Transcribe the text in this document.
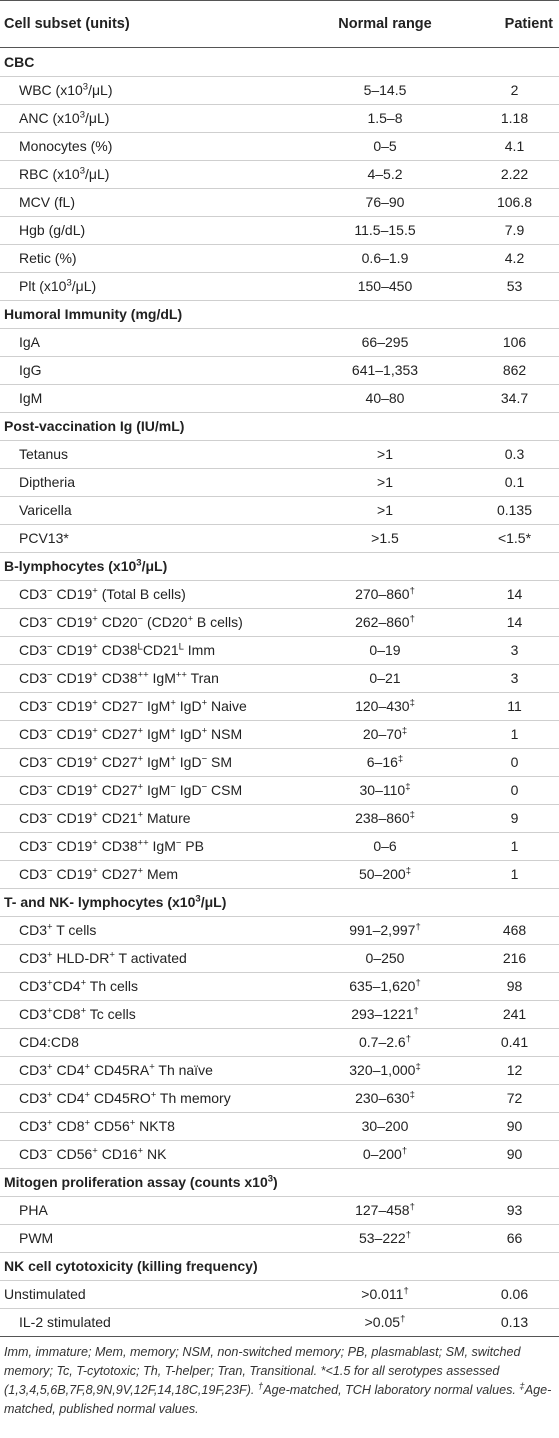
Cell subset (units)	Normal range	Patient
CBC
WBC $(x10^3/\mu L)$	5–14.5	2
ANC $(x10^3/\mu L)$	1.5–8	1.18
Monocytes (%)	0–5	4.1
RBC $(x10^3/\mu L)$	4–5.2	2.22
MCV (fL)	76–90	106.8
Hgb (g/dL)	11.5–15.5	7.9
Retic (%)	0.6–1.9	4.2
Plt $(x10^3/\mu L)$	150–450	53
Humoral Immunity (mg/dL)
IgA	66–295	106
IgG	641–1,353	862
IgM	40–80	34.7
Post-vaccination Ig (IU/mL)
Tetanus	>1	0.3
Diptheria	>1	0.1
Varicella	>1	0.135
PCV13*	>1.5	<1.5*
B-lymphocytes $(x10^3/\mu L)$
CD3− CD19+ (Total B cells)	270–860†	14
CD3− CD19+ CD20− (CD20+ B cells)	262–860†	14
CD3− CD19+ $CD38^LCD21^L$ Imm	0–19	3
CD3− CD19+ CD38++ IgM++ Tran	0–21	3
CD3− CD19+ CD27− IgM+ IgD+ Naive	120–430‡	11
CD3− CD19+ CD27+ IgM+ IgD+ NSM	20–70‡	1
CD3− CD19+ CD27+ IgM+ IgD− SM	6–16‡	0
CD3− CD19+ CD27+ IgM− IgD− CSM	30–110‡	0
CD3− CD19+ CD21+ Mature	238–860‡	9
CD3− CD19+ CD38++ IgM− PB	0–6	1
CD3− CD19+ CD27+ Mem	50–200‡	1
T- and NK- lymphocytes $(x10^3/\mu L)$
CD3+ T cells	991–2,997†	468
CD3+ HLD-DR+ T activated	0–250	216
CD3+CD4+ Th cells	635–1,620†	98
CD3+CD8+ Tc cells	293–1221†	241
CD4:CD8	0.7–2.6†	0.41
CD3+ CD4+ CD45RA+ Th naïve	320–1,000‡	12
CD3+ CD4+ CD45RO+ Th memory	230–630‡	72
CD3+ CD8+ CD56+ NKT8	30–200	90
CD3− CD56+ CD16+ NK	0–200†	90
Mitogen proliferation assay (counts $x10^3$)
PHA	127–458†	93
PWM	53–222†	66
NK cell cytotoxicity (killing frequency)
Unstimulated	>0.011†	0.06
IL-2 stimulated	>0.05†	0.13
Imm, immature; Mem, memory; NSM, non-switched memory; PB, plasmablast; SM, switched memory; Tc, T-cytotoxic; Th, T-helper; Tran, Transitional. *<1.5 for all serotypes assessed (1,3,4,5,6B,7F,8,9N,9V,12F,14,18C,19F,23F). †Age-matched, TCH laboratory normal values. ‡Age-matched, published normal values.
